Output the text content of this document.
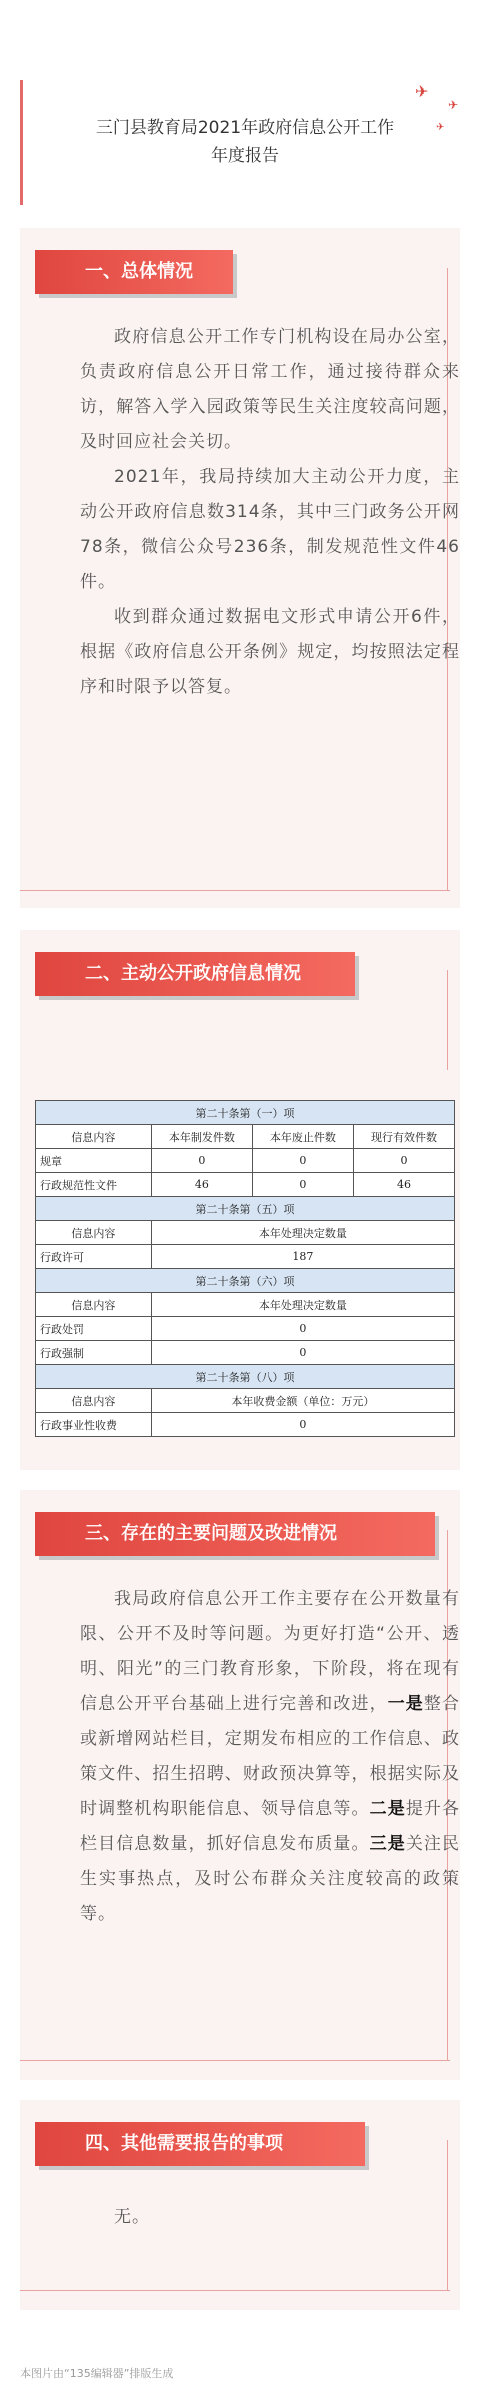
三门县教育局2021年政府信息公开工作
年度报告
✈
✈
✈
一、总体情况

政府信息公开工作专门机构设在局办公室，负责政府信息公开日常工作，通过接待群众来访，解答入学入园政策等民生关注度较高问题，及时回应社会关切。

2021年，我局持续加大主动公开力度，主动公开政府信息数314条，其中三门政务公开网78条，微信公众号236条，制发规范性文件46件。

收到群众通过数据电文形式申请公开6件，根据《政府信息公开条例》规定，均按照法定程序和时限予以答复。

二、主动公开政府信息情况
第二十条第（一）项			
信息内容	本年制发件数	本年废止件数	现行有效件数
规章	0	0	0
行政规范性文件	46	0	46
第二十条第（五）项			
信息内容	本年处理决定数量		
行政许可	187		
第二十条第（六）项			
信息内容	本年处理决定数量		
行政处罚	0		
行政强制	0		
第二十条第（八）项			
信息内容	本年收费金额（单位：万元）		
行政事业性收费	0		
三、存在的主要问题及改进情况

我局政府信息公开工作主要存在公开数量有限、公开不及时等问题。为更好打造“公开、透明、阳光”的三门教育形象，下阶段，将在现有信息公开平台基础上进行完善和改进，一是整合或新增网站栏目，定期发布相应的工作信息、政策文件、招生招聘、财政预决算等，根据实际及时调整机构职能信息、领导信息等。二是提升各栏目信息数量，抓好信息发布质量。三是关注民生实事热点，及时公布群众关注度较高的政策等。

四、其他需要报告的事项

无。

本图片由“135编辑器”排版生成
